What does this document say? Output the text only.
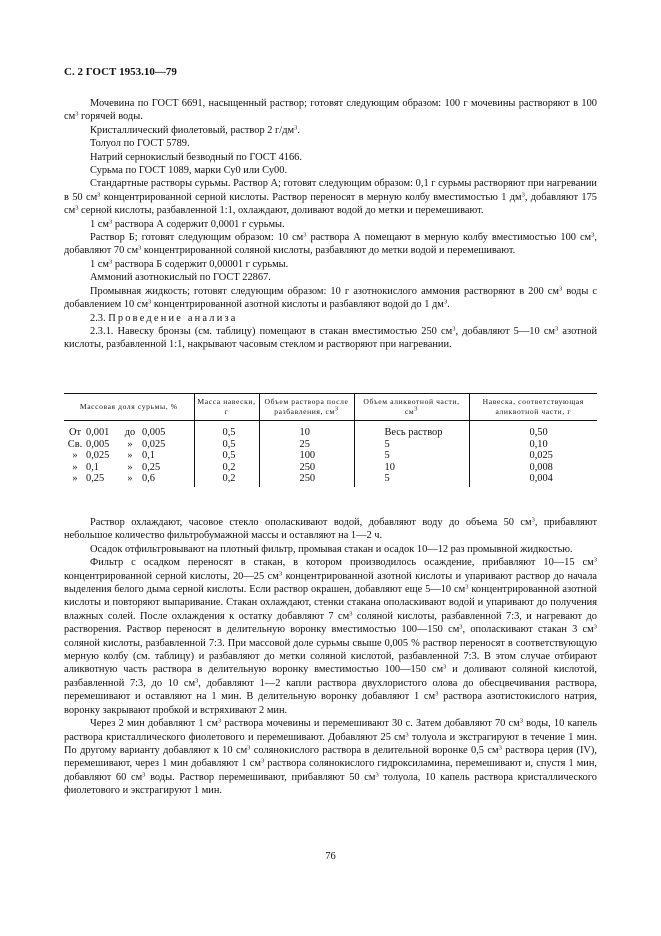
С. 2 ГОСТ 1953.10—79

Мочевина по ГОСТ 6691, насыщенный раствор; готовят следующим образом: 100 г мочевины растворяют в 100 $см^3$ горячей воды.

Кристаллический фиолетовый, раствор 2 $г/дм^3$.

Толуол по ГОСТ 5789.

Натрий сернокислый безводный по ГОСТ 4166.

Сурьма по ГОСТ 1089, марки Су0 или Су00.

Стандартные растворы сурьмы. Раствор А; готовят следующим образом: 0,1 г сурьмы растворяют при нагревании в 50 $см^3$ концентрированной серной кислоты. Раствор переносят в мерную колбу вместимостью 1 $дм^3$, добавляют 175 $см^3$ серной кислоты, разбавленной 1:1, охлаждают, доливают водой до метки и перемешивают.

1 $см^3$ раствора А содержит 0,0001 г сурьмы.

Раствор Б; готовят следующим образом: 10 $см^3$ раствора А помещают в мерную колбу вместимостью 100 $см^3$, добавляют 70 $см^3$ концентрированной соляной кислоты, разбавляют до метки водой и перемешивают.

1 $см^3$ раствора Б содержит 0,00001 г сурьмы.

Аммоний азотнокислый по ГОСТ 22867.

Промывная жидкость; готовят следующим образом: 10 г азотнокислого аммония растворяют в 200 $см^3$ воды с добавлением 10 $см^3$ концентрированной азотной кислоты и разбавляют водой до 1 $дм^3$.

2.3. Проведение анализа

2.3.1. Навеску бронзы (см. таблицу) помещают в стакан вместимостью 250 $см^3$, добавляют 5—10 $см^3$ азотной кислоты, разбавленной 1:1, накрывают часовым стеклом и растворяют при нагревании.

Массовая доля сурьмы, %	Масса навески, г	Объем раствора после разбавления, $см^3$	Объем аликвотной части, $см^3$	Навеска, соответствующая аликвотной части, г
От 0,001 до 0,005	0,5	10	Весь раствор	0,50
Св. 0,005 » 0,025	0,5	25	5	0,10
» 0,025 » 0,1	0,5	100	5	0,025
» 0,1 » 0,25	0,2	250	10	0,008
» 0,25 » 0,6	0,2	250	5	0,004

Раствор охлаждают, часовое стекло ополаскивают водой, добавляют воду до объема 50 $см^3$, прибавляют небольшое количество фильтробумажной массы и оставляют на 1—2 ч.

Осадок отфильтровывают на плотный фильтр, промывая стакан и осадок 10—12 раз промывной жидкостью.

Фильтр с осадком переносят в стакан, в котором производилось осаждение, прибавляют 10—15 $см^3$ концентрированной серной кислоты, 20—25 $см^3$ концентрированной азотной кислоты и упаривают раствор до начала выделения белого дыма серной кислоты. Если раствор окрашен, добавляют еще 5—10 $см^3$ концентрированной азотной кислоты и повторяют выпаривание. Стакан охлаждают, стенки стакана ополаскивают водой и упаривают до получения влажных солей. После охлаждения к остатку добавляют 7 $см^3$ соляной кислоты, разбавленной 7:3, и нагревают до растворения. Раствор переносят в делительную воронку вместимостью 100—150 $см^3$, ополаскивают стакан 3 $см^3$ соляной кислоты, разбавленной 7:3. При массовой доле сурьмы свыше 0,005 % раствор переносят в соответствующую мерную колбу (см. таблицу) и разбавляют до метки соляной кислотой, разбавленной 7:3. В этом случае отбирают аликвотную часть раствора в делительную воронку вместимостью 100—150 $см^3$ и доливают соляной кислотой, разбавленной 7:3, до 10 $см^3$, добавляют 1—2 капли раствора двухлористого олова до обесцвечивания раствора, перемешивают и оставляют на 1 мин. В делительную воронку добавляют 1 $см^3$ раствора азотистокислого натрия, воронку закрывают пробкой и встряхивают 2 мин.

Через 2 мин добавляют 1 $см^3$ раствора мочевины и перемешивают 30 с. Затем добавляют 70 $см^3$ воды, 10 капель раствора кристаллического фиолетового и перемешивают. Добавляют 25 $см^3$ толуола и экстрагируют в течение 1 мин. По другому варианту добавляют к 10 $см^3$ солянокислого раствора в делительной воронке 0,5 $см^3$ раствора церия (IV), перемешивают, через 1 мин добавляют 1 $см^3$ раствора солянокислого гидроксиламина, перемешивают и, спустя 1 мин, добавляют 60 $см^3$ воды. Раствор перемешивают, прибавляют 50 $см^3$ толуола, 10 капель раствора кристаллического фиолетового и экстрагируют 1 мин.

76
